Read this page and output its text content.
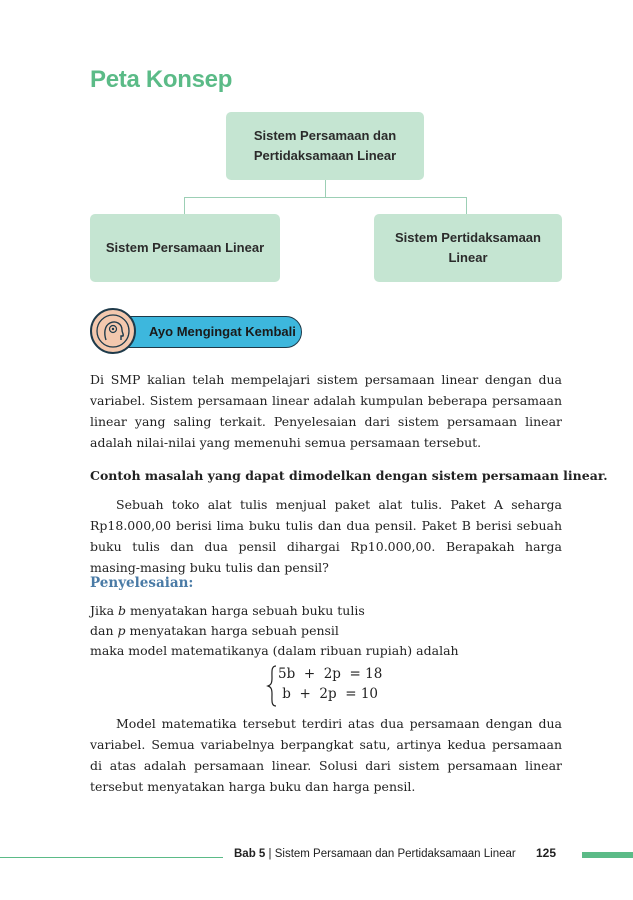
Peta Konsep
Sistem Persamaan dan
Pertidaksamaan Linear
Sistem Persamaan Linear
Sistem Pertidaksamaan
Linear
Ayo Mengingat Kembali
Di SMP kalian telah mempelajari sistem persamaan linear dengan dua variabel. Sistem persamaan linear adalah kumpulan beberapa persamaan linear yang saling terkait. Penyelesaian dari sistem persamaan linear adalah nilai-nilai yang memenuhi semua persamaan tersebut.
Contoh masalah yang dapat dimodelkan dengan sistem persamaan linear.
Sebuah toko alat tulis menjual paket alat tulis. Paket A seharga Rp18.000,00 berisi lima buku tulis dan dua pensil. Paket B berisi sebuah buku tulis dan dua pensil dihargai Rp10.000,00. Berapakah harga masing-masing buku tulis dan pensil?
Penyelesaian:
Jika b menyatakan harga sebuah buku tulis
dan p menyatakan harga sebuah pensil
maka model matematikanya (dalam ribuan rupiah) adalah
5b  +  2p  = 18
b  +  2p  = 10
Model matematika tersebut terdiri atas dua persamaan dengan dua variabel. Semua variabelnya berpangkat satu, artinya kedua persamaan di atas adalah persamaan linear. Solusi dari sistem persamaan linear tersebut menyatakan harga buku dan harga pensil.
Bab 5 | Sistem Persamaan dan Pertidaksamaan Linear 125
